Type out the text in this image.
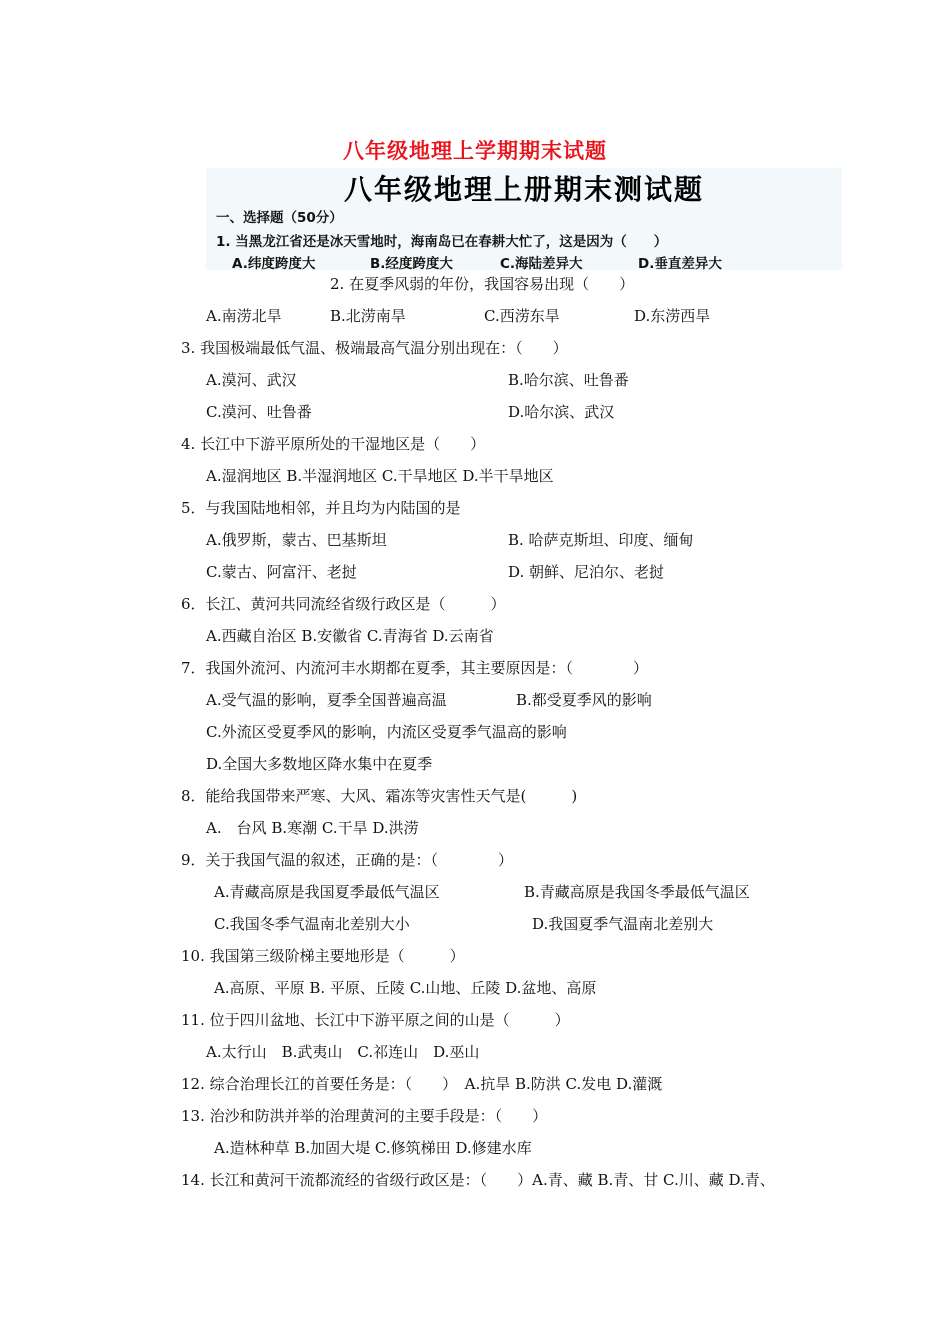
八年级地理上学期期末试题
八年级地理上册期末测试题
一、选择题（50分）
1. 当黑龙江省还是冰天雪地时，海南岛已在春耕大忙了，这是因为（　　）
A.纬度跨度大	B.经度跨度大	C.海陆差异大	D.垂直差异大
2. 在夏季风弱的年份，我国容易出现（　　）
A.南涝北旱	B.北涝南旱	C.西涝东旱	D.东涝西旱
3. 我国极端最低气温、极端最高气温分别出现在：（　　）
A.漠河、武汉	B.哈尔滨、吐鲁番
C.漠河、吐鲁番	D.哈尔滨、武汉
4. 长江中下游平原所处的干湿地区是（　　）
A.湿润地区 B.半湿润地区 C.干旱地区 D.半干旱地区
5．与我国陆地相邻，并且均为内陆国的是
A.俄罗斯，蒙古、巴基斯坦	B. 哈萨克斯坦、印度、缅甸
C.蒙古、阿富汗、老挝	D. 朝鲜、尼泊尔、老挝
6．长江、黄河共同流经省级行政区是（　　　）
A.西藏自治区 B.安徽省 C.青海省 D.云南省
7．我国外流河、内流河丰水期都在夏季，其主要原因是：（　　　　）
A.受气温的影响，夏季全国普遍高温	B.都受夏季风的影响
C.外流区受夏季风的影响，内流区受夏季气温高的影响
D.全国大多数地区降水集中在夏季
8．能给我国带来严寒、大风、霜冻等灾害性天气是(　　　)
A.　台风 B.寒潮 C.干旱 D.洪涝
9．关于我国气温的叙述，正确的是：（　　　　）
A.青藏高原是我国夏季最低气温区	B.青藏高原是我国冬季最低气温区
C.我国冬季气温南北差别大小	D.我国夏季气温南北差别大
10. 我国第三级阶梯主要地形是（　　　）
A.高原、平原 B. 平原、丘陵 C.山地、丘陵 D.盆地、高原
11. 位于四川盆地、长江中下游平原之间的山是（　　　）
A.太行山　B.武夷山　C.祁连山　D.巫山
12. 综合治理长江的首要任务是：（　　）　A.抗旱 B.防洪 C.发电 D.灌溉
13. 治沙和防洪并举的治理黄河的主要手段是：（　　）
A.造林种草 B.加固大堤 C.修筑梯田 D.修建水库
14. 长江和黄河干流都流经的省级行政区是：（　　）A.青、藏 B.青、甘 C.川、藏 D.青、
